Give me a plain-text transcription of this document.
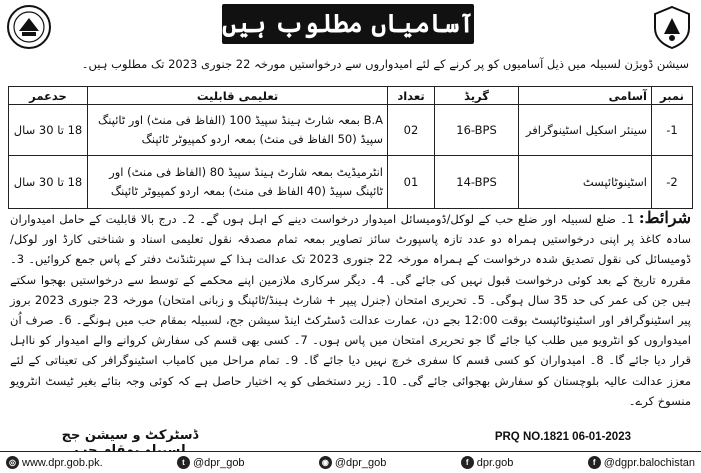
آسامیاں مطلوب ہیں
سیشن ڈویژن لسبیلہ میں ذیل آسامیوں کو پر کرنے کے لئے امیدواروں سے درخواستیں مورخہ 22 جنوری 2023 تک مطلوب ہیں۔
نمبر	آسامی	گریڈ	تعداد	تعلیمی قابلیت	حدعمر
1-	سینئر اسکیل اسٹینوگرافر	16-BPS	02	B.A بمعہ شارٹ ہینڈ سپیڈ 100 (الفاظ فی منٹ) اور ٹائپنگ سپیڈ (50 الفاظ فی منٹ) بمعہ اردو کمپیوٹر ٹائپنگ	18 تا 30 سال
2-	اسٹینوٹائپسٹ	14-BPS	01	انٹرمیڈیٹ بمعہ شارٹ ہینڈ سپیڈ 80 (الفاظ فی منٹ) اور ٹائپنگ سپیڈ (40 الفاظ فی منٹ) بمعہ اردو کمپیوٹر ٹائپنگ	18 تا 30 سال
شرائط: 1۔ ضلع لسبیلہ اور ضلع حب کے لوکل/ڈومیسائل امیدوار درخواست دینے کے اہل ہوں گے۔ 2۔ درج بالا قابلیت کے حامل امیدواران سادہ کاغذ پر اپنی درخواستیں ہمراہ دو عدد تازہ پاسپورٹ سائز تصاویر بمعہ تمام مصدقہ نقول تعلیمی اسناد و شناختی کارڈ اور لوکل/ڈومیسائل کی نقول تصدیق شدہ درخواست کے ہمراہ مورخہ 22 جنوری 2023 تک عدالت ہذا کے سپرنٹنڈنٹ دفتر کے پاس جمع کروائیں۔ 3۔ مقررہ تاریخ کے بعد کوئی درخواست قبول نہیں کی جائے گی۔ 4۔ دیگر سرکاری ملازمین اپنے محکمے کے توسط سے درخواستیں بھجوا سکتے ہیں جن کی عمر کی حد 35 سال ہوگی۔ 5۔ تحریری امتحان (جنرل پیپر + شارٹ ہینڈ/ٹائپنگ و زبانی امتحان) مورخہ 23 جنوری 2023 بروز پیر اسٹینوگرافر اور اسٹینوٹائپسٹ بوقت 12:00 بجے دن، عمارت عدالت ڈسٹرکٹ اینڈ سیشن جج، لسبیلہ بمقام حب میں ہونگے۔ 6۔ صرف اُن امیدواروں کو انٹرویو میں طلب کیا جائے گا جو تحریری امتحان میں پاس ہوں۔ 7۔ کسی بھی قسم کی سفارش کروانے والے امیدوار کو نااہل قرار دیا جائے گا۔ 8۔ امیدواران کو کسی قسم کا سفری خرچ نہیں دیا جائے گا۔ 9۔ تمام مراحل میں کامیاب اسٹینوگرافر کی تعیناتی کے لئے معزز عدالت عالیہ بلوچستان کو سفارش بھجوائی جائے گی۔ 10۔ زیر دستخطی کو یہ اختیار حاصل ہے کہ کوئی وجہ بتائے بغیر ٹیسٹ انٹرویو منسوخ کرے۔
ڈسٹرکٹ و سیشن جج	PRQ NO.1821 06-01-2023
◎ www.dpr.gob.pk.	t @dpr_gob	◉ @dpr_gob	f dpr.gob	f @dgpr.balochistan
